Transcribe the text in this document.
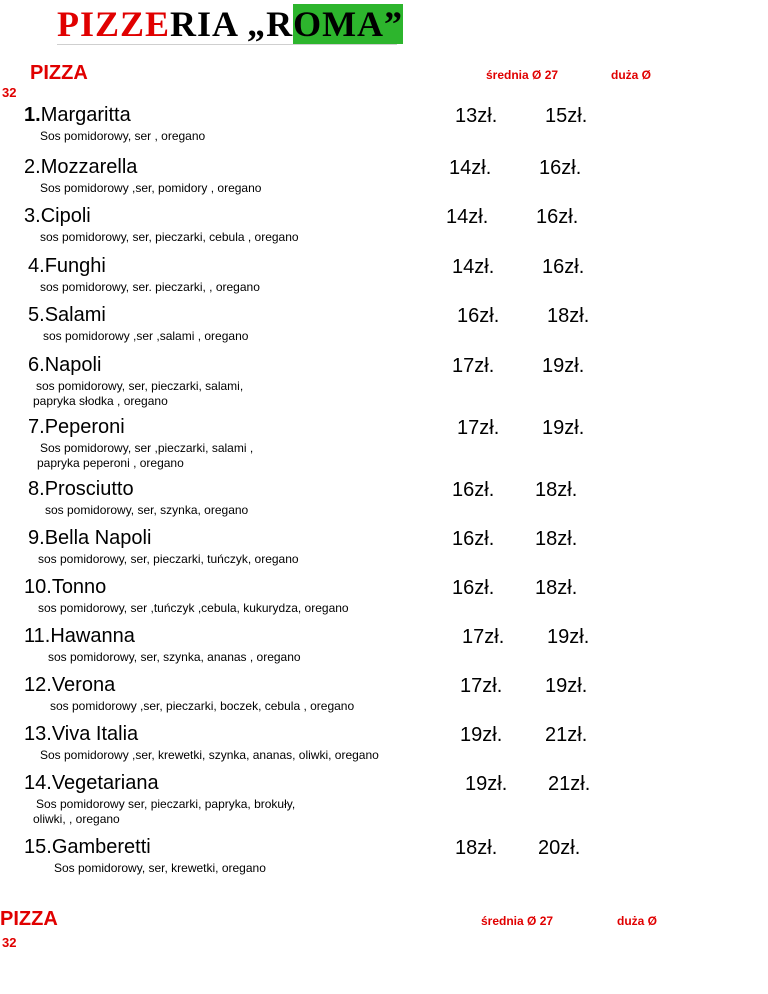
PIZZERIA „ROMA”
PIZZA
32
średnia Ø 27	duża Ø
1.Margaritta
Sos pomidorowy, ser , oregano
13zł. 15zł.
2.Mozzarella
Sos pomidorowy ,ser, pomidory , oregano
14zł. 16zł.
3.Cipoli
sos pomidorowy, ser, pieczarki, cebula , oregano
14zł. 16zł.
4.Funghi
sos pomidorowy, ser. pieczarki, , oregano
14zł. 16zł.
5.Salami
sos pomidorowy ,ser ,salami , oregano
16zł. 18zł.
6.Napoli
sos pomidorowy, ser, pieczarki, salami,
papryka słodka , oregano
17zł. 19zł.
7.Peperoni
Sos pomidorowy, ser ,pieczarki, salami ,
papryka peperoni , oregano
17zł. 19zł.
8.Prosciutto
sos pomidorowy, ser, szynka, oregano
16zł. 18zł.
9.Bella Napoli
sos pomidorowy, ser, pieczarki, tuńczyk, oregano
16zł. 18zł.
10.Tonno
sos pomidorowy, ser ,tuńczyk ,cebula, kukurydza, oregano
16zł. 18zł.
11.Hawanna
sos pomidorowy, ser, szynka, ananas , oregano
17zł. 19zł.
12.Verona
sos pomidorowy ,ser, pieczarki, boczek, cebula , oregano
17zł. 19zł.
13.Viva Italia
Sos pomidorowy ,ser, krewetki, szynka, ananas, oliwki, oregano
19zł. 21zł.
14.Vegetariana
Sos pomidorowy ser, pieczarki, papryka, brokuły,
oliwki, , oregano
19zł. 21zł.
15.Gamberetti
Sos pomidorowy, ser, krewetki, oregano
18zł. 20zł.
PIZZA
32
średnia Ø 27	duża Ø
